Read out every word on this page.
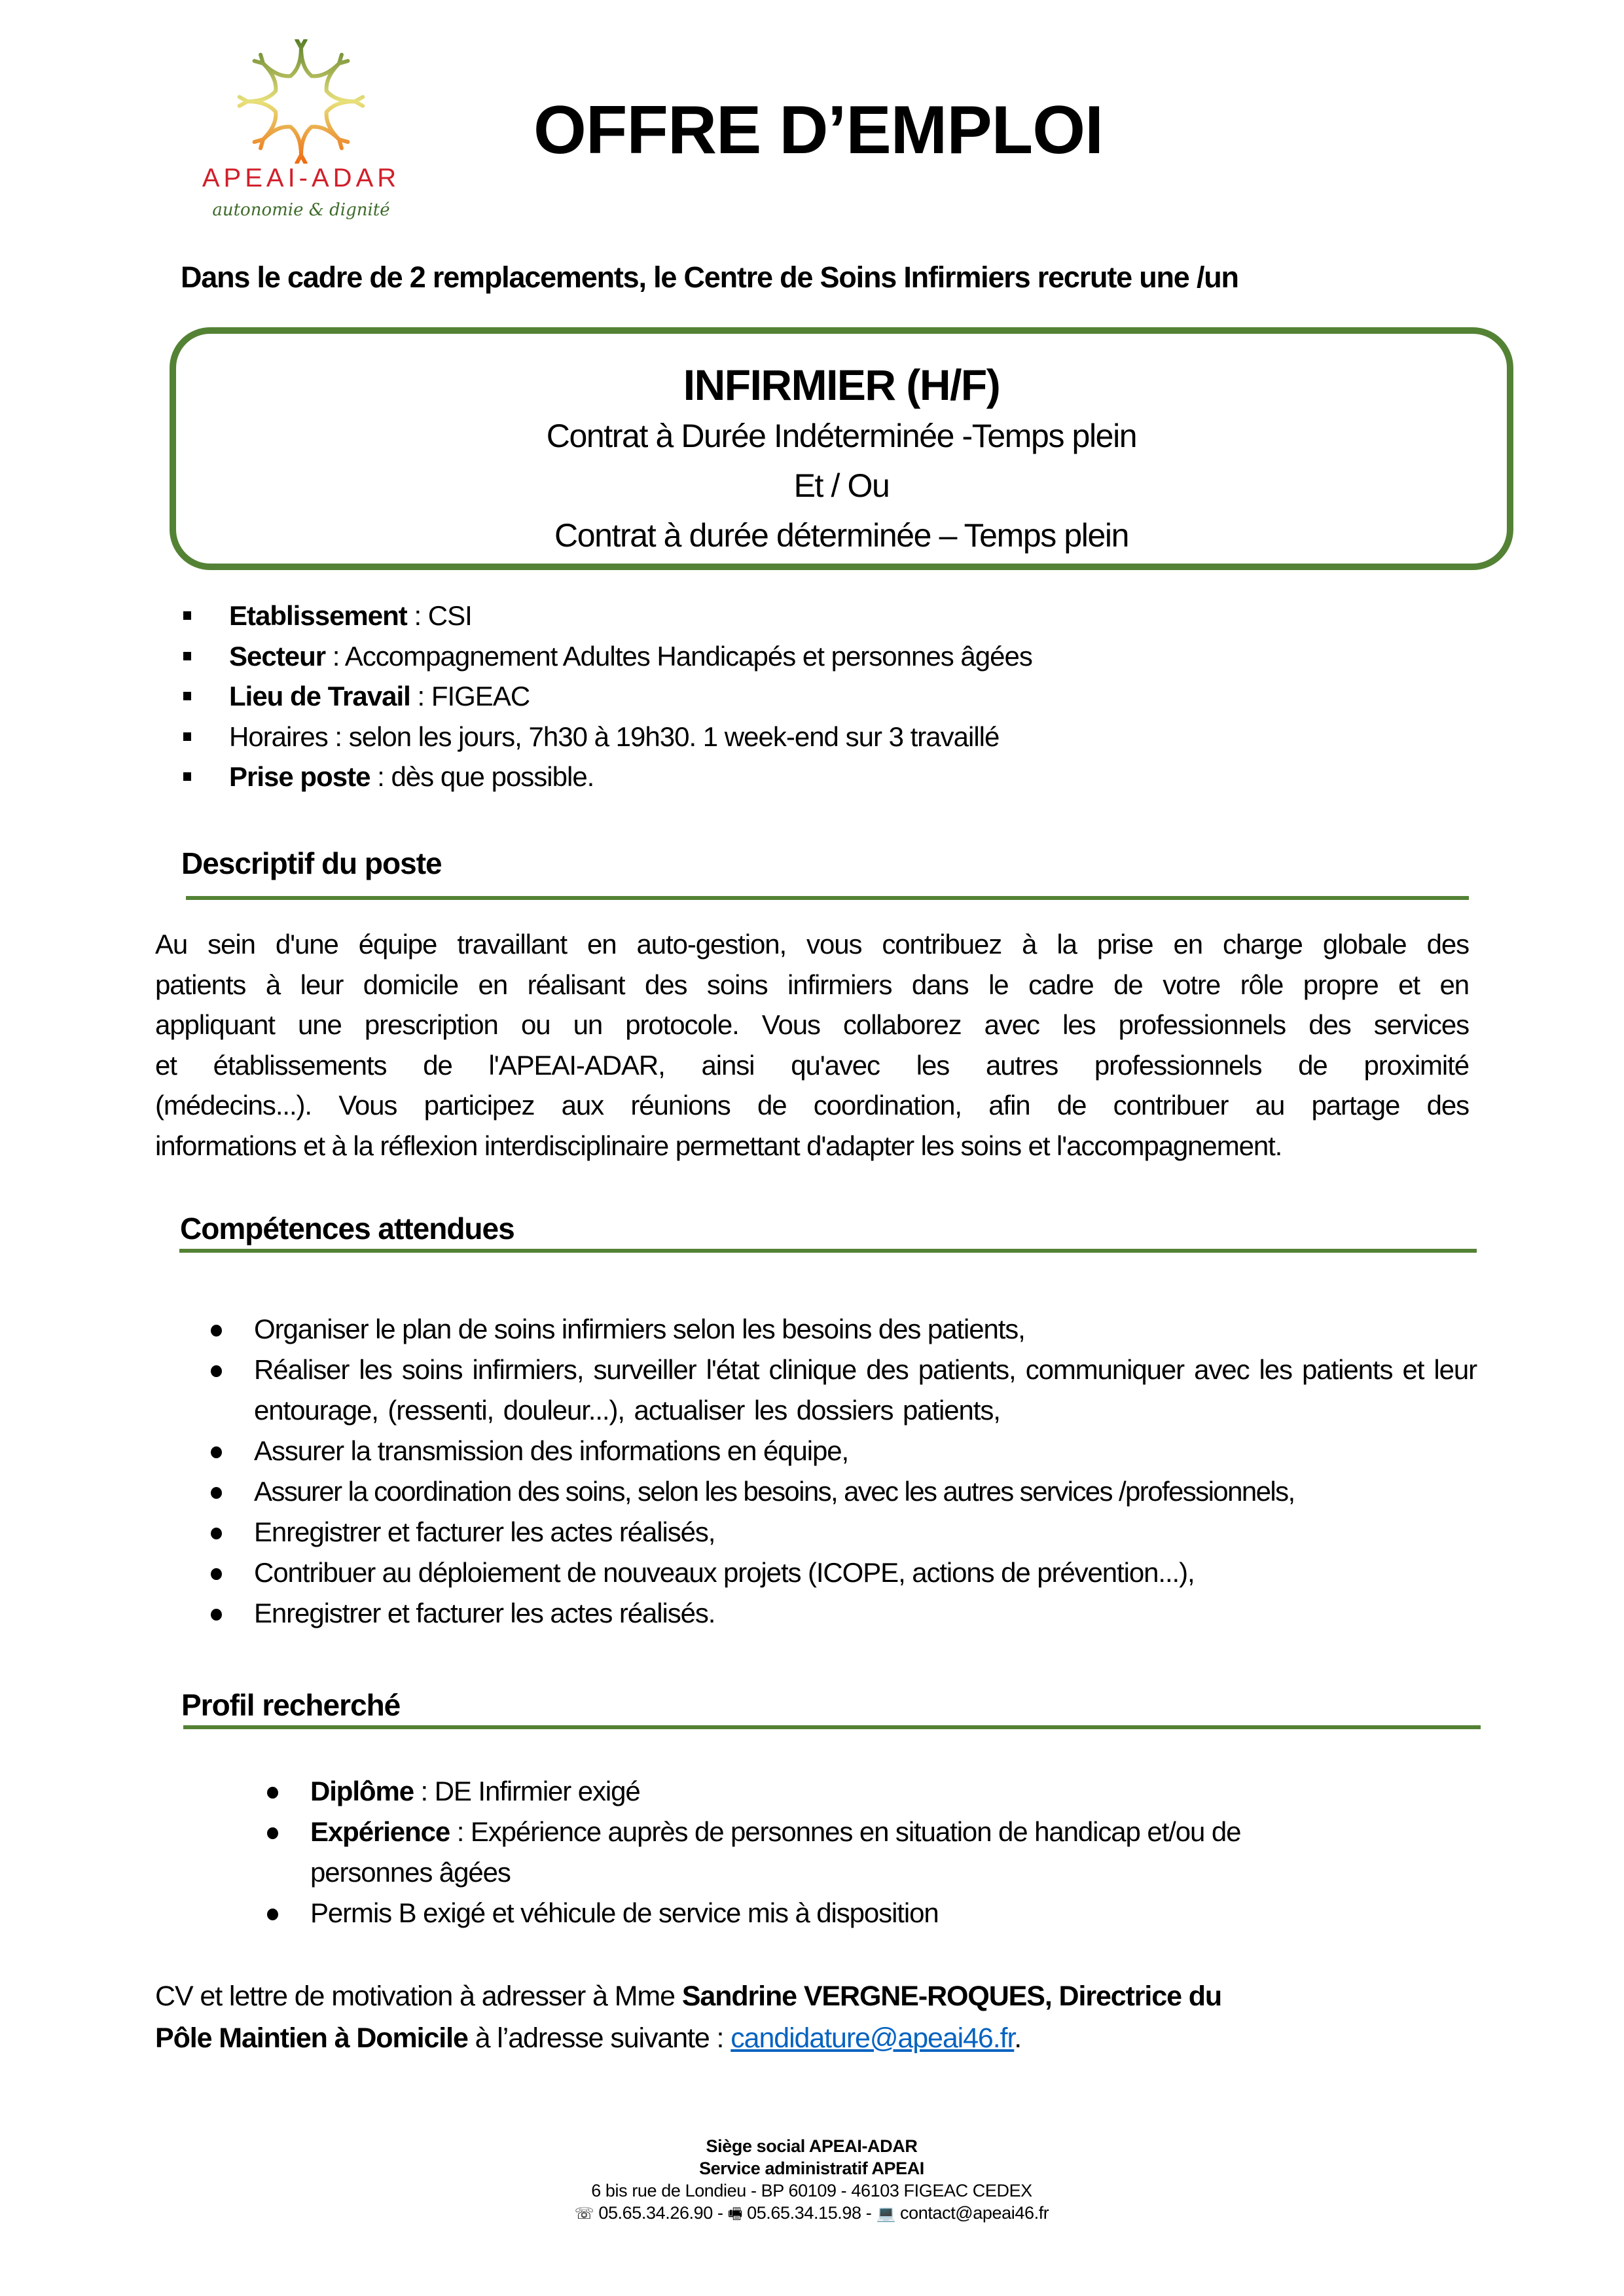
APEAI-ADAR
autonomie & dignité
OFFRE D’EMPLOI
Dans le cadre de 2 remplacements, le Centre de Soins Infirmiers recrute une /un
INFIRMIER (H/F)
Contrat à Durée Indéterminée -Temps plein
Et / Ou
Contrat à durée déterminée – Temps plein
Etablissement : CSI
Secteur : Accompagnement Adultes Handicapés et personnes âgées
Lieu de Travail : FIGEAC
Horaires : selon les jours, 7h30 à 19h30. 1 week-end sur 3 travaillé
Prise poste : dès que possible.
Descriptif du poste
Au sein d'une équipe travaillant en auto-gestion, vous contribuez à la prise en charge globale des
patients à leur domicile en réalisant des soins infirmiers dans le cadre de votre rôle propre et en
appliquant une prescription ou un protocole. Vous collaborez avec les professionnels des services
et établissements de l'APEAI-ADAR, ainsi qu'avec les autres professionnels de proximité
(médecins...). Vous participez aux réunions de coordination, afin de contribuer au partage des
informations et à la réflexion interdisciplinaire permettant d'adapter les soins et l'accompagnement.
Compétences attendues
Organiser le plan de soins infirmiers selon les besoins des patients,
Réaliser les soins infirmiers, surveiller l'état clinique des patients, communiquer avec les patients et leur entourage, (ressenti, douleur...), actualiser les dossiers patients,
Assurer la transmission des informations en équipe,
Assurer la coordination des soins, selon les besoins, avec les autres services /professionnels,
Enregistrer et facturer les actes réalisés,
Contribuer au déploiement de nouveaux projets (ICOPE, actions de prévention...),
Enregistrer et facturer les actes réalisés.
Profil recherché
Diplôme : DE Infirmier exigé
Expérience : Expérience auprès de personnes en situation de handicap et/ou de personnes âgées
Permis B exigé et véhicule de service mis à disposition
CV et lettre de motivation à adresser à Mme Sandrine VERGNE-ROQUES, Directrice du
Pôle Maintien à Domicile à l’adresse suivante : candidature@apeai46.fr.
Siège social APEAI-ADAR
Service administratif APEAI
6 bis rue de Londieu - BP 60109 - 46103 FIGEAC CEDEX
☏ 05.65.34.26.90 - 🖷 05.65.34.15.98 - 💻 contact@apeai46.fr
